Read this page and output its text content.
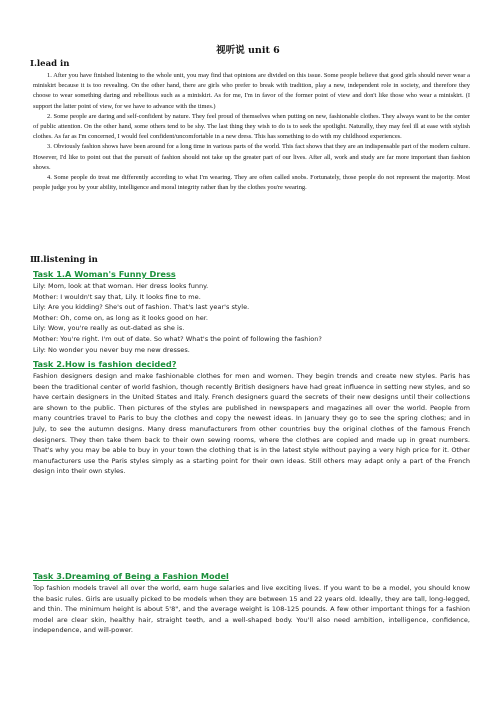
视听说 unit 6
Ⅰ.lead in

1. After you have finished listening to the whole unit, you may find that opinions are divided on this issue. Some people believe that good girls should never wear a miniskirt because it is too revealing. On the other hand, there are girls who prefer to break with tradition, play a new, independent role in society, and therefore they choose to wear something daring and rebellious such as a miniskirt. As for me, I'm in favor of the former point of view and don't like those who wear a miniskirt. (I support the latter point of view, for we have to advance with the times.)

2. Some people are daring and self-confident by nature. They feel proud of themselves when putting on new, fashionable clothes. They always want to be the center of public attention. On the other hand, some others tend to be shy. The last thing they wish to do is to seek the spotlight. Naturally, they may feel ill at ease with stylish clothes. As far as I'm concerned, I would feel confident/uncomfortable in a new dress. This has something to do with my childhood experiences.

3. Obviously fashion shows have been around for a long time in various parts of the world. This fact shows that they are an indispensable part of the modern culture. However, I'd like to point out that the pursuit of fashion should not take up the greater part of our lives. After all, work and study are far more important than fashion shows.

4. Some people do treat me differently according to what I'm wearing. They are often called snobs. Fortunately, those people do not represent the majority. Most people judge you by your ability, intelligence and moral integrity rather than by the clothes you're wearing.

Ⅲ.listening in
Task 1.A Woman's Funny Dress
Lily: Mom, look at that woman. Her dress looks funny.
Mother: I wouldn't say that, Lily. It looks fine to me.
Lily: Are you kidding? She's out of fashion. That's last year's style.
Mother: Oh, come on, as long as it looks good on her.
Lily: Wow, you're really as out-dated as she is.
Mother: You're right. I'm out of date. So what? What's the point of following the fashion?
Lily: No wonder you never buy me new dresses.
Task 2.How is fashion decided?

Fashion designers design and make fashionable clothes for men and women. They begin trends and create new styles. Paris has been the traditional center of world fashion, though recently British designers have had great influence in setting new styles, and so have certain designers in the United States and Italy. French designers guard the secrets of their new designs until their collections are shown to the public. Then pictures of the styles are published in newspapers and magazines all over the world. People from many countries travel to Paris to buy the clothes and copy the newest ideas. In January they go to see the spring clothes; and in July, to see the autumn designs. Many dress manufacturers from other countries buy the original clothes of the famous French designers. They then take them back to their own sewing rooms, where the clothes are copied and made up in great numbers. That's why you may be able to buy in your town the clothing that is in the latest style without paying a very high price for it. Other manufacturers use the Paris styles simply as a starting point for their own ideas. Still others may adapt only a part of the French design into their own styles.

Task 3.Dreaming of Being a Fashion Model

Top fashion models travel all over the world, earn huge salaries and live exciting lives. If you want to be a model, you should know the basic rules. Girls are usually picked to be models when they are between 15 and 22 years old. Ideally, they are tall, long-legged, and thin. The minimum height is about 5'8", and the average weight is 108-125 pounds. A few other important things for a fashion model are clear skin, healthy hair, straight teeth, and a well-shaped body. You'll also need ambition, intelligence, confidence, independence, and will-power.
